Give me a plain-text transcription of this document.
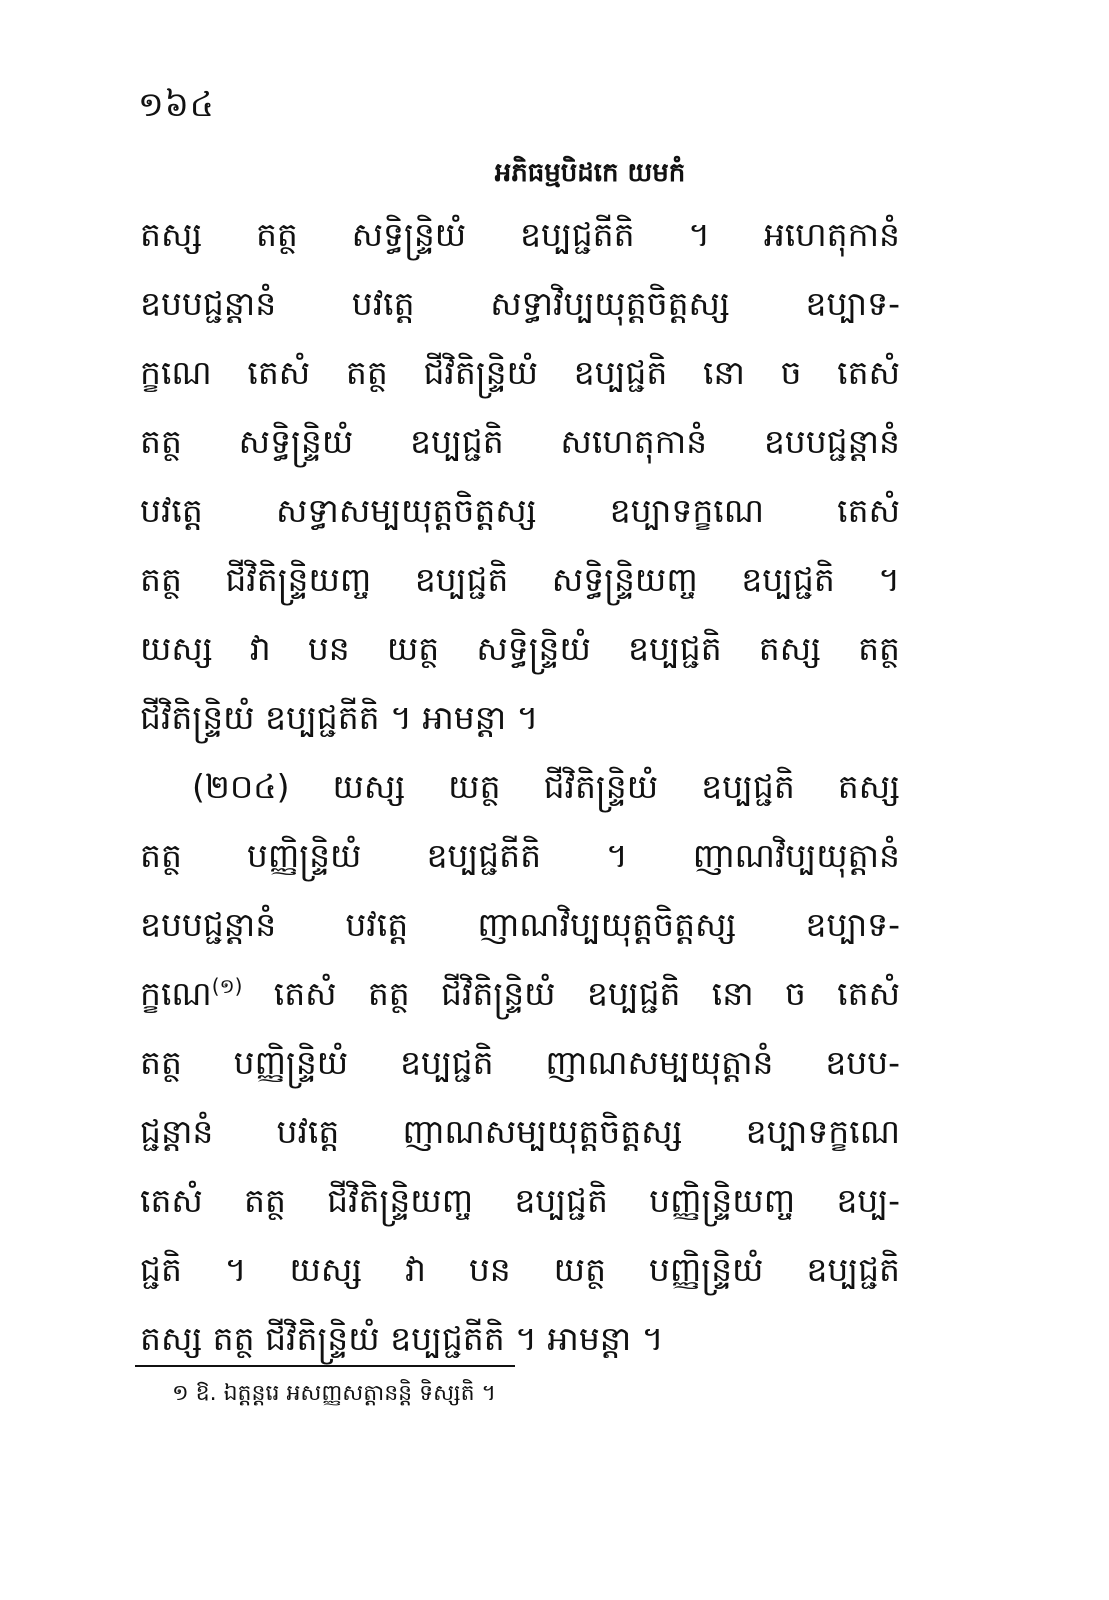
១៦៤
អភិធម្មបិដកេ យមកំ
តស្ស តត្ថ សទ្ធិន្ទ្រិយំ ឧប្បជ្ជតីតិ ។ អហេតុកានំ
ឧបបជ្ជន្តានំ បវត្តេ សទ្ធាវិប្បយុត្តចិត្តស្ស ឧប្បាទ-
ក្ខណេ តេសំ តត្ថ ជីវិតិន្ទ្រិយំ ឧប្បជ្ជតិ នោ ច តេសំ
តត្ថ សទ្ធិន្ទ្រិយំ ឧប្បជ្ជតិ សហេតុកានំ ឧបបជ្ជន្តានំ
បវត្តេ សទ្ធាសម្បយុត្តចិត្តស្ស ឧប្បាទក្ខណេ តេសំ
តត្ថ ជីវិតិន្ទ្រិយញ្ច ឧប្បជ្ជតិ សទ្ធិន្ទ្រិយញ្ច ឧប្បជ្ជតិ ។
យស្ស វា បន យត្ថ សទ្ធិន្ទ្រិយំ ឧប្បជ្ជតិ តស្ស តត្ថ
ជីវិតិន្ទ្រិយំ ឧប្បជ្ជតីតិ ។ អាមន្តា ។
(២០៤) យស្ស យត្ថ ជីវិតិន្ទ្រិយំ ឧប្បជ្ជតិ តស្ស
តត្ថ បញ្ញិន្ទ្រិយំ ឧប្បជ្ជតីតិ ។ ញាណវិប្បយុត្តានំ
ឧបបជ្ជន្តានំ បវត្តេ ញាណវិប្បយុត្តចិត្តស្ស ឧប្បាទ-
ក្ខណេ$^{(១)}$ តេសំ តត្ថ ជីវិតិន្ទ្រិយំ ឧប្បជ្ជតិ នោ ច តេសំ
តត្ថ បញ្ញិន្ទ្រិយំ ឧប្បជ្ជតិ ញាណសម្បយុត្តានំ ឧបប-
ជ្ជន្តានំ បវត្តេ ញាណសម្បយុត្តចិត្តស្ស ឧប្បាទក្ខណេ
តេសំ តត្ថ ជីវិតិន្ទ្រិយញ្ច ឧប្បជ្ជតិ បញ្ញិន្ទ្រិយញ្ច ឧប្ប-
ជ្ជតិ ។ យស្ស វា បន យត្ថ បញ្ញិន្ទ្រិយំ ឧប្បជ្ជតិ
តស្ស តត្ថ ជីវិតិន្ទ្រិយំ ឧប្បជ្ជតីតិ ។ អាមន្តា ។
១ ឱ. ឯត្តន្តរេ អសញ្ញសត្តានន្តិ ទិស្សតិ ។
